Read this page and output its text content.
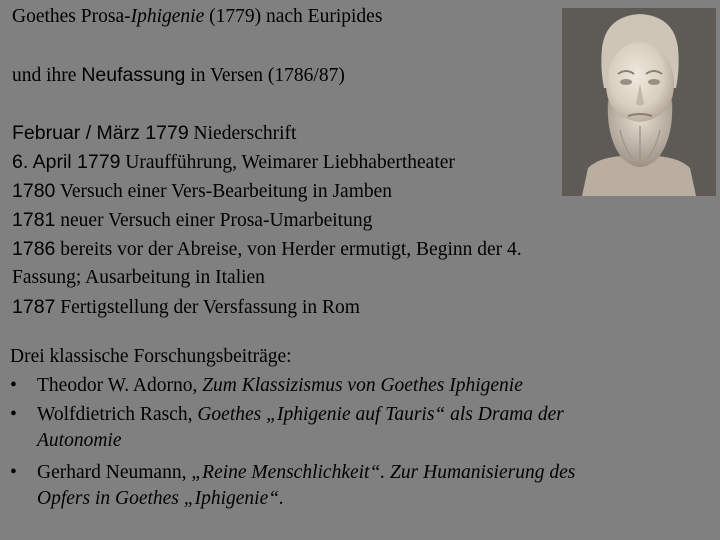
Goethes Prosa-Iphigenie (1779) nach Euripides
und ihre Neufassung in Versen (1786/87)
Februar / März 1779 Niederschrift
6. April 1779 Uraufführung, Weimarer Liebhabertheater
1780 Versuch einer Vers-Bearbeitung in Jamben
1781 neuer Versuch einer Prosa-Umarbeitung
1786 bereits vor der Abreise, von Herder ermutigt, Beginn der 4.
Fassung; Ausarbeitung in Italien
1787 Fertigstellung der Versfassung in Rom
Drei klassische Forschungsbeiträge:
• Theodor W. Adorno, Zum Klassizismus von Goethes Iphigenie
• Wolfdietrich Rasch, Goethes „Iphigenie auf Tauris“ als Drama der
Autonomie
• Gerhard Neumann, „Reine Menschlichkeit“. Zur Humanisierung des
Opfers in Goethes „Iphigenie“.
